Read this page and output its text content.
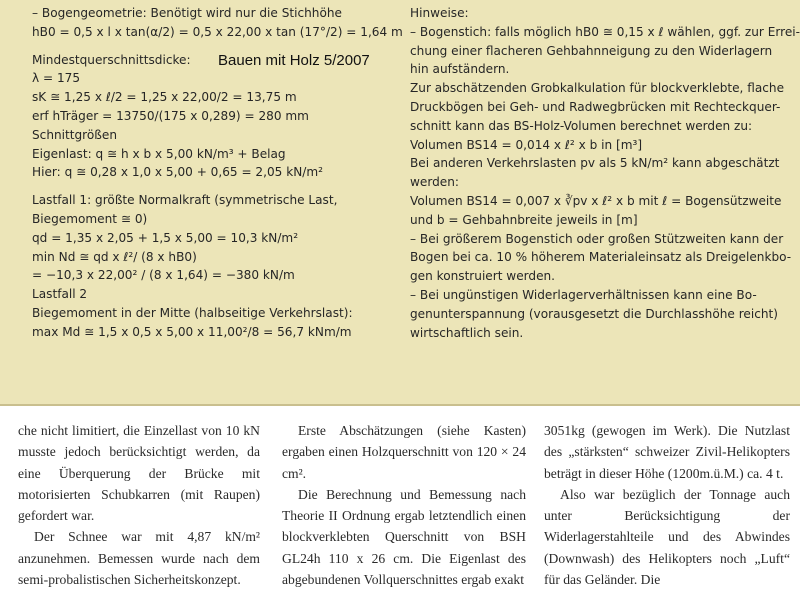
– Bogengeometrie: Benötigt wird nur die Stichhöhe
hB0 = 0,5 x l x tan(α/2) = 0,5 x 22,00 x tan (17°/2) = 1,64 m
Mindestquerschnittsdicke:
λ = 175
sK ≅ 1,25 x ℓ/2 = 1,25 x 22,00/2 = 13,75 m
erf hTräger = 13750/(175 x 0,289) = 280 mm
Schnittgrößen
Eigenlast: q ≅ h x b x 5,00 kN/m³ + Belag
Hier: q ≅ 0,28 x 1,0 x 5,00 + 0,65 = 2,05 kN/m²
Lastfall 1: größte Normalkraft (symmetrische Last,
Biegemoment ≅ 0)
qd = 1,35 x 2,05 + 1,5 x 5,00 = 10,3 kN/m²
min Nd ≅ qd x ℓ²/ (8 x hB0)
= −10,3 x 22,00² / (8 x 1,64) = −380 kN/m
Lastfall 2
Biegemoment in der Mitte (halbseitige Verkehrslast):
max Md ≅ 1,5 x 0,5 x 5,00 x 11,00²/8 = 56,7 kNm/m
Hinweise:
– Bogenstich: falls möglich hB0 ≅ 0,15 x ℓ wählen, ggf. zur Errei-
chung einer flacheren Gehbahnneigung zu den Widerlagern
hin aufständern.
Zur abschätzenden Grobkalkulation für blockverklebte, flache
Druckbögen bei Geh- und Radwegbrücken mit Rechteckquer-
schnitt kann das BS-Holz-Volumen berechnet werden zu:
Volumen BS14 = 0,014 x ℓ² x b in [m³]
Bei anderen Verkehrslasten pv als 5 kN/m² kann abgeschätzt
werden:
Volumen BS14 = 0,007 x ∛pv x ℓ² x b mit ℓ = Bogensützweite
und b = Gehbahnbreite jeweils in [m]
– Bei größerem Bogenstich oder großen Stützweiten kann der
Bogen bei ca. 10 % höherem Materialeinsatz als Dreigelenkbo-
gen konstruiert werden.
– Bei ungünstigen Widerlagerverhältnissen kann eine Bo-
genunterspannung (vorausgesetzt die Durchlasshöhe reicht)
wirtschaftlich sein.
Bauen mit Holz 5/2007

che nicht limitiert, die Einzellast von 10 kN musste jedoch berücksichtigt werden, da eine Überquerung der Brücke mit motorisierten Schubkarren (mit Raupen) gefordert war.

Der Schnee war mit 4,87 kN/m² anzunehmen. Bemessen wurde nach dem semi-probalistischen Sicherheitskonzept.

Erste Abschätzungen (siehe Kasten) ergaben einen Holzquerschnitt von 120 × 24 cm².

Die Berechnung und Bemessung nach Theorie II Ordnung ergab letztendlich einen blockverklebten Querschnitt von BSH GL24h 110 x 26 cm. Die Eigenlast des abgebundenen Vollquerschnittes ergab exakt

3051kg (gewogen im Werk). Die Nutzlast des „stärksten“ schweizer Zivil-Helikopters beträgt in dieser Höhe (1200m.ü.M.) ca. 4 t.

Also war bezüglich der Tonnage auch unter Berücksichtigung der Widerlagerstahlteile und des Abwindes (Downwash) des Helikopters noch „Luft“ für das Geländer. Die
